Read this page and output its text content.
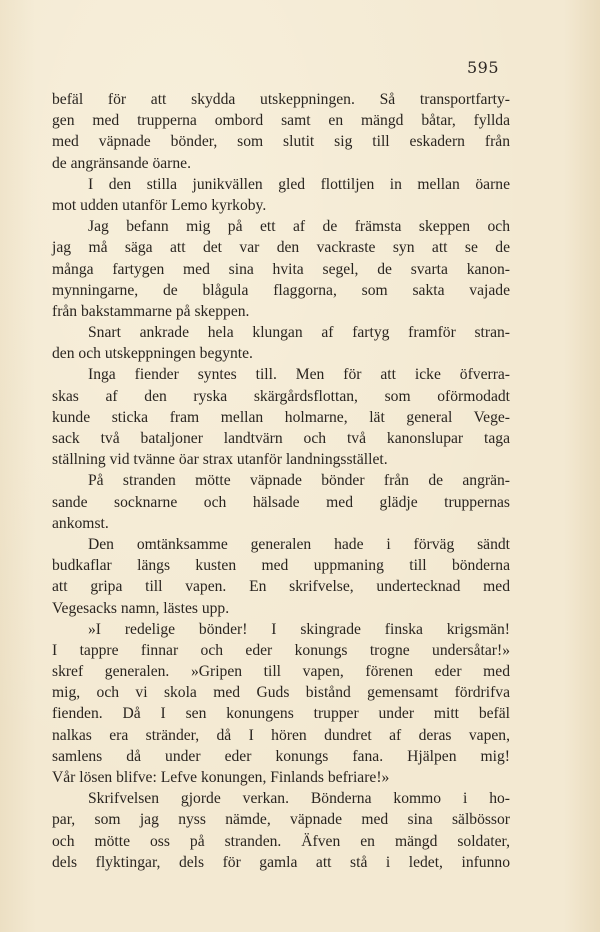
595
befäl för att skydda utskeppningen. Så transportfarty-
gen med trupperna ombord samt en mängd båtar, fyllda
med väpnade bönder, som slutit sig till eskadern från
de angränsande öarne.
I den stilla junikvällen gled flottiljen in mellan öarne
mot udden utanför Lemo kyrkoby.
Jag befann mig på ett af de främsta skeppen och
jag må säga att det var den vackraste syn att se de
många fartygen med sina hvita segel, de svarta kanon-
mynningarne, de blågula flaggorna, som sakta vajade
från bakstammarne på skeppen.
Snart ankrade hela klungan af fartyg framför stran-
den och utskeppningen begynte.
Inga fiender syntes till. Men för att icke öfverra-
skas af den ryska skärgårdsflottan, som oförmodadt
kunde sticka fram mellan holmarne, lät general Vege-
sack två bataljoner landtvärn och två kanonslupar taga
ställning vid tvänne öar strax utanför landningsstället.
På stranden mötte väpnade bönder från de angrän-
sande socknarne och hälsade med glädje truppernas
ankomst.
Den omtänksamme generalen hade i förväg sändt
budkaflar längs kusten med uppmaning till bönderna
att gripa till vapen. En skrifvelse, undertecknad med
Vegesacks namn, lästes upp.
»I redelige bönder! I skingrade finska krigsmän!
I tappre finnar och eder konungs trogne undersåtar!»
skref generalen. »Gripen till vapen, förenen eder med
mig, och vi skola med Guds bistånd gemensamt fördrifva
fienden. Då I sen konungens trupper under mitt befäl
nalkas era stränder, då I hören dundret af deras vapen,
samlens då under eder konungs fana. Hjälpen mig!
Vår lösen blifve: Lefve konungen, Finlands befriare!»
Skrifvelsen gjorde verkan. Bönderna kommo i ho-
par, som jag nyss nämde, väpnade med sina sälbössor
och mötte oss på stranden. Äfven en mängd soldater,
dels flyktingar, dels för gamla att stå i ledet, infunno
